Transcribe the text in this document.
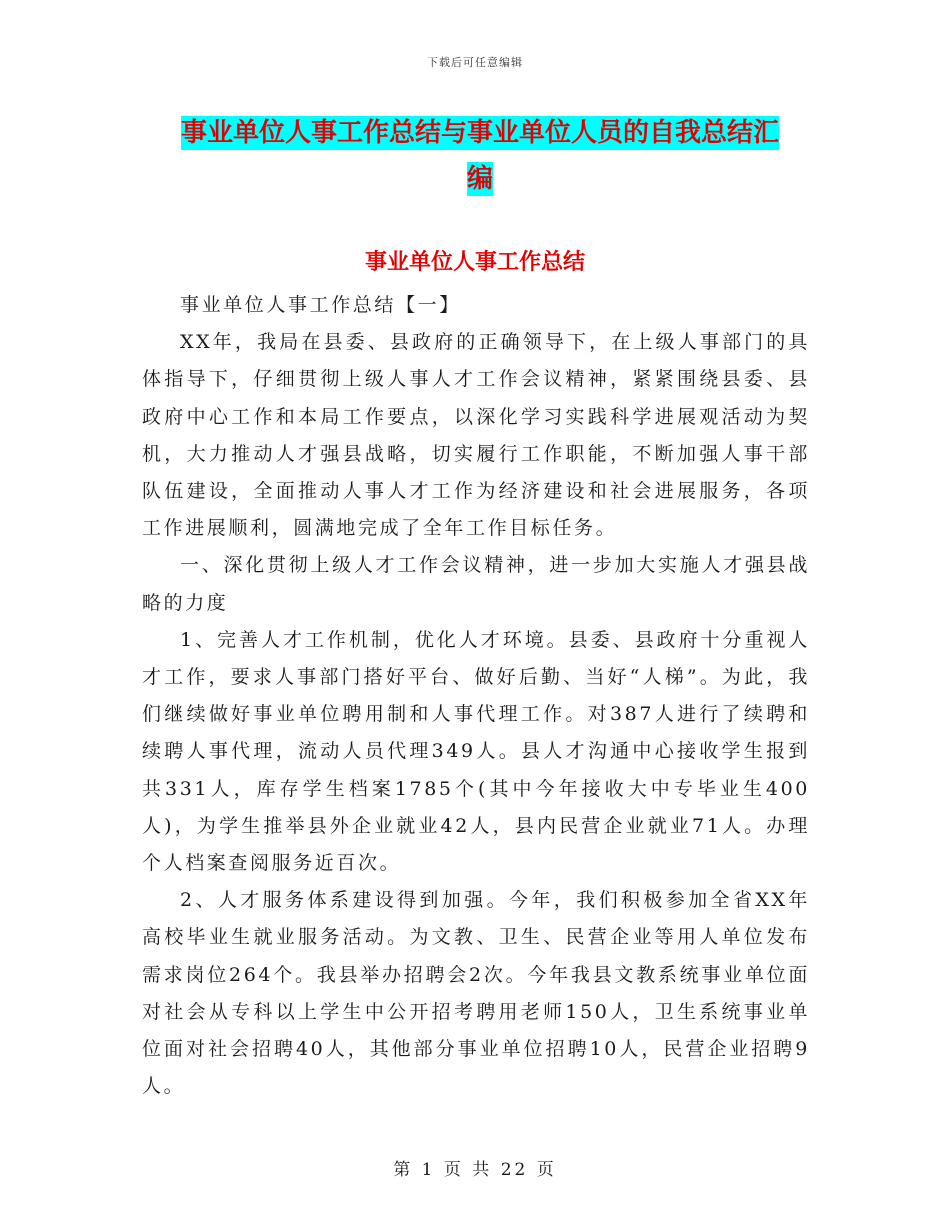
下载后可任意编辑
事业单位人事工作总结与事业单位人员的自我总结汇
编
事业单位人事工作总结

事业单位人事工作总结【一】

XX年，我局在县委、县政府的正确领导下，在上级人事部门的具体指导下，仔细贯彻上级人事人才工作会议精神，紧紧围绕县委、县政府中心工作和本局工作要点，以深化学习实践科学进展观活动为契机，大力推动人才强县战略，切实履行工作职能，不断加强人事干部队伍建设，全面推动人事人才工作为经济建设和社会进展服务，各项工作进展顺利，圆满地完成了全年工作目标任务。

一、深化贯彻上级人才工作会议精神，进一步加大实施人才强县战略的力度

1、完善人才工作机制，优化人才环境。县委、县政府十分重视人才工作，要求人事部门搭好平台、做好后勤、当好“人梯”。为此，我们继续做好事业单位聘用制和人事代理工作。对387人进行了续聘和续聘人事代理，流动人员代理349人。县人才沟通中心接收学生报到共331人，库存学生档案1785个(其中今年接收大中专毕业生400人)，为学生推举县外企业就业42人，县内民营企业就业71人。办理个人档案查阅服务近百次。

2、人才服务体系建设得到加强。今年，我们积极参加全省XX年高校毕业生就业服务活动。为文教、卫生、民营企业等用人单位发布需求岗位264个。我县举办招聘会2次。今年我县文教系统事业单位面对社会从专科以上学生中公开招考聘用老师150人，卫生系统事业单位面对社会招聘40人，其他部分事业单位招聘10人，民营企业招聘9人。

第 1 页 共 22 页
